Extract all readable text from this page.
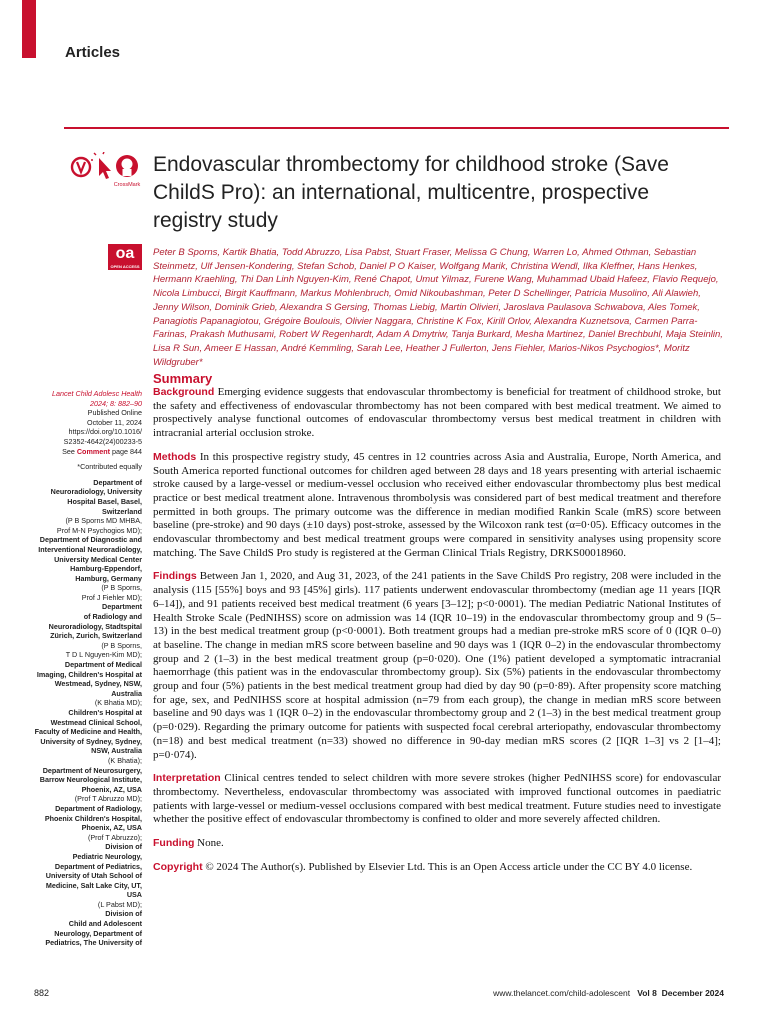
Articles
CrossMark
oa
OPEN ACCESS
Endovascular thrombectomy for childhood stroke (Save ChildS Pro): an international, multicentre, prospective registry study
Peter B Sporns, Kartik Bhatia, Todd Abruzzo, Lisa Pabst, Stuart Fraser, Melissa G Chung, Warren Lo, Ahmed Othman, Sebastian Steinmetz, Ulf Jensen-Kondering, Stefan Schob, Daniel P O Kaiser, Wolfgang Marik, Christina Wendl, Ilka Kleffner, Hans Henkes, Hermann Kraehling, Thi Dan Linh Nguyen-Kim, René Chapot, Umut Yilmaz, Furene Wang, Muhammad Ubaid Hafeez, Flavio Requejo, Nicola Limbucci, Birgit Kauffmann, Markus Mohlenbruch, Omid Nikoubashman, Peter D Schellinger, Patricia Musolino, Ali Alawieh, Jenny Wilson, Dominik Grieb, Alexandra S Gersing, Thomas Liebig, Martin Olivieri, Jaroslava Paulasova Schwabova, Ales Tomek, Panagiotis Papanagiotou, Grégoire Boulouis, Olivier Naggara, Christine K Fox, Kirill Orlov, Alexandra Kuznetsova, Carmen Parra-Farinas, Prakash Muthusami, Robert W Regenhardt, Adam A Dmytriw, Tanja Burkard, Mesha Martinez, Daniel Brechbuhl, Maja Steinlin, Lisa R Sun, Ameer E Hassan, André Kemmling, Sarah Lee, Heather J Fullerton, Jens Fiehler, Marios-Nikos Psychogios*, Moritz Wildgruber*
Summary

Background Emerging evidence suggests that endovascular thrombectomy is beneficial for treatment of childhood stroke, but the safety and effectiveness of endovascular thrombectomy has not been compared with best medical treatment. We aimed to prospectively analyse functional outcomes of endovascular thrombectomy versus best medical treatment in children with intracranial arterial occlusion stroke.

Methods In this prospective registry study, 45 centres in 12 countries across Asia and Australia, Europe, North America, and South America reported functional outcomes for children aged between 28 days and 18 years presenting with arterial ischaemic stroke caused by a large-vessel or medium-vessel occlusion who received either endovascular thrombectomy plus best medical practice or best medical treatment alone. Intravenous thrombolysis was considered part of best medical treatment and therefore permitted in both groups. The primary outcome was the difference in median modified Rankin Scale (mRS) score between baseline (pre-stroke) and 90 days (±10 days) post-stroke, assessed by the Wilcoxon rank test (α=0·05). Efficacy outcomes in the endovascular thrombectomy and best medical treatment groups were compared in sensitivity analyses using propensity score matching. The Save ChildS Pro study is registered at the German Clinical Trials Registry, DRKS00018960.

Findings Between Jan 1, 2020, and Aug 31, 2023, of the 241 patients in the Save ChildS Pro registry, 208 were included in the analysis (115 [55%] boys and 93 [45%] girls). 117 patients underwent endovascular thrombectomy (median age 11 years [IQR 6–14]), and 91 patients received best medical treatment (6 years [3–12]; p<0·0001). The median Pediatric National Institutes of Health Stroke Scale (PedNIHSS) score on admission was 14 (IQR 10–19) in the endovascular thrombectomy group and 9 (5–13) in the best medical treatment group (p<0·0001). Both treatment groups had a median pre-stroke mRS score of 0 (IQR 0–0) at baseline. The change in median mRS score between baseline and 90 days was 1 (IQR 0–2) in the endovascular thrombectomy group and 2 (1–3) in the best medical treatment group (p=0·020). One (1%) patient developed a symptomatic intracranial haemorrhage (this patient was in the endovascular thrombectomy group). Six (5%) patients in the endovascular thrombectomy group and four (5%) patients in the best medical treatment group had died by day 90 (p=0·89). After propensity score matching for age, sex, and PedNIHSS score at hospital admission (n=79 from each group), the change in median mRS score between baseline and 90 days was 1 (IQR 0–2) in the endovascular thrombectomy group and 2 (1–3) in the best medical treatment group (p=0·029). Regarding the primary outcome for patients with suspected focal cerebral arteriopathy, endovascular thrombectomy (n=18) and best medical treatment (n=33) showed no difference in 90-day median mRS scores (2 [IQR 1–3] vs 2 [1–4]; p=0·074).

Interpretation Clinical centres tended to select children with more severe strokes (higher PedNIHSS score) for endovascular thrombectomy. Nevertheless, endovascular thrombectomy was associated with improved functional outcomes in paediatric patients with large-vessel or medium-vessel occlusions compared with best medical treatment. Future studies need to investigate whether the positive effect of endovascular thrombectomy is confined to older and more severely affected children.

Funding None.

Copyright © 2024 The Author(s). Published by Elsevier Ltd. This is an Open Access article under the CC BY 4.0 license.

Lancet Child Adolesc Health
2024; 8: 882–90
Published Online
October 11, 2024
https://doi.org/10.1016/
S2352-4642(24)00233-5
See Comment page 844
*Contributed equally
Department of
Neuroradiology, University
Hospital Basel, Basel,
Switzerland
(P B Sporns MD MHBA,
Prof M-N Psychogios MD);
Department of Diagnostic and
Interventional Neuroradiology,
University Medical Center
Hamburg-Eppendorf,
Hamburg, Germany
(P B Sporns,
Prof J Fiehler MD);
Department
of Radiology and
Neuroradiology, Stadtspital
Zürich, Zurich, Switzerland
(P B Sporns,
T D L Nguyen-Kim MD);
Department of Medical
Imaging, Children's Hospital at
Westmead, Sydney, NSW,
Australia
(K Bhatia MD);
Children's Hospital at
Westmead Clinical School,
Faculty of Medicine and Health,
University of Sydney, Sydney,
NSW, Australia
(K Bhatia);
Department of Neurosurgery,
Barrow Neurological Institute,
Phoenix, AZ, USA
(Prof T Abruzzo MD);
Department of Radiology,
Phoenix Children's Hospital,
Phoenix, AZ, USA
(Prof T Abruzzo);
Division of
Pediatric Neurology,
Department of Pediatrics,
University of Utah School of
Medicine, Salt Lake City, UT,
USA
(L Pabst MD);
Division of
Child and Adolescent
Neurology, Department of
Pediatrics, The University of
882	www.thelancet.com/child-adolescent Vol 8 December 2024
